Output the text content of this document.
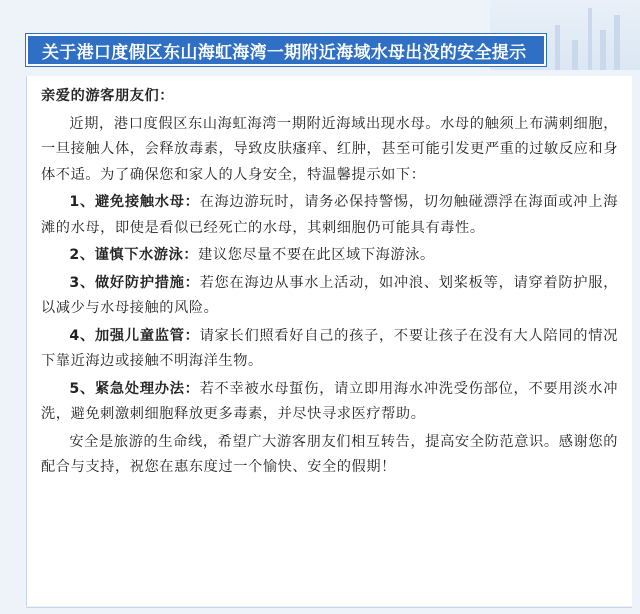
关于港口度假区东山海虹海湾一期附近海域水母出没的安全提示

亲爱的游客朋友们：

近期，港口度假区东山海虹海湾一期附近海域出现水母。水母的触须上布满刺细胞，一旦接触人体，会释放毒素，导致皮肤瘙痒、红肿，甚至可能引发更严重的过敏反应和身体不适。为了确保您和家人的人身安全，特温馨提示如下：

1、避免接触水母：在海边游玩时，请务必保持警惕，切勿触碰漂浮在海面或冲上海滩的水母，即使是看似已经死亡的水母，其刺细胞仍可能具有毒性。

2、谨慎下水游泳：建议您尽量不要在此区域下海游泳。

3、做好防护措施：若您在海边从事水上活动，如冲浪、划桨板等，请穿着防护服，以减少与水母接触的风险。

4、加强儿童监管：请家长们照看好自己的孩子，不要让孩子在没有大人陪同的情况下靠近海边或接触不明海洋生物。

5、紧急处理办法：若不幸被水母蜇伤，请立即用海水冲洗受伤部位，不要用淡水冲洗，避免刺激刺细胞释放更多毒素，并尽快寻求医疗帮助。

安全是旅游的生命线，希望广大游客朋友们相互转告，提高安全防范意识。感谢您的配合与支持，祝您在惠东度过一个愉快、安全的假期！
